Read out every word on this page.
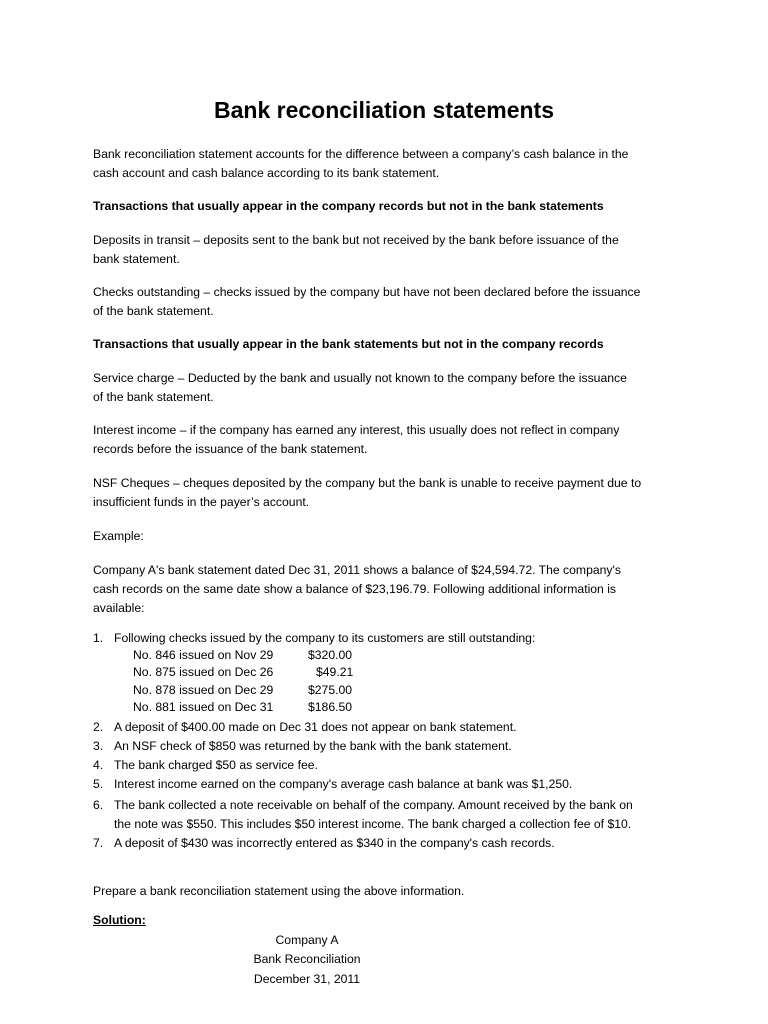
Bank reconciliation statements
Bank reconciliation statement accounts for the difference between a company’s cash balance in the
cash account and cash balance according to its bank statement.
Transactions that usually appear in the company records but not in the bank statements
Deposits in transit – deposits sent to the bank but not received by the bank before issuance of the
bank statement.
Checks outstanding – checks issued by the company but have not been declared before the issuance
of the bank statement.
Transactions that usually appear in the bank statements but not in the company records
Service charge – Deducted by the bank and usually not known to the company before the issuance
of the bank statement.
Interest income – if the company has earned any interest, this usually does not reflect in company
records before the issuance of the bank statement.
NSF Cheques – cheques deposited by the company but the bank is unable to receive payment due to
insufficient funds in the payer’s account.
Example:
Company A's bank statement dated Dec 31, 2011 shows a balance of $24,594.72. The company's
cash records on the same date show a balance of $23,196.79. Following additional information is
available:
1. Following checks issued by the company to its customers are still outstanding:
No. 846 issued on Nov 29	$320.00
No. 875 issued on Dec 26	$49.21
No. 878 issued on Dec 29	$275.00
No. 881 issued on Dec 31	$186.50
2. A deposit of $400.00 made on Dec 31 does not appear on bank statement.
3. An NSF check of $850 was returned by the bank with the bank statement.
4. The bank charged $50 as service fee.
5. Interest income earned on the company's average cash balance at bank was $1,250.
6. The bank collected a note receivable on behalf of the company. Amount received by the bank on
the note was $550. This includes $50 interest income. The bank charged a collection fee of $10.
7. A deposit of $430 was incorrectly entered as $340 in the company's cash records.
Prepare a bank reconciliation statement using the above information.
Solution:
Company A
Bank Reconciliation
December 31, 2011
